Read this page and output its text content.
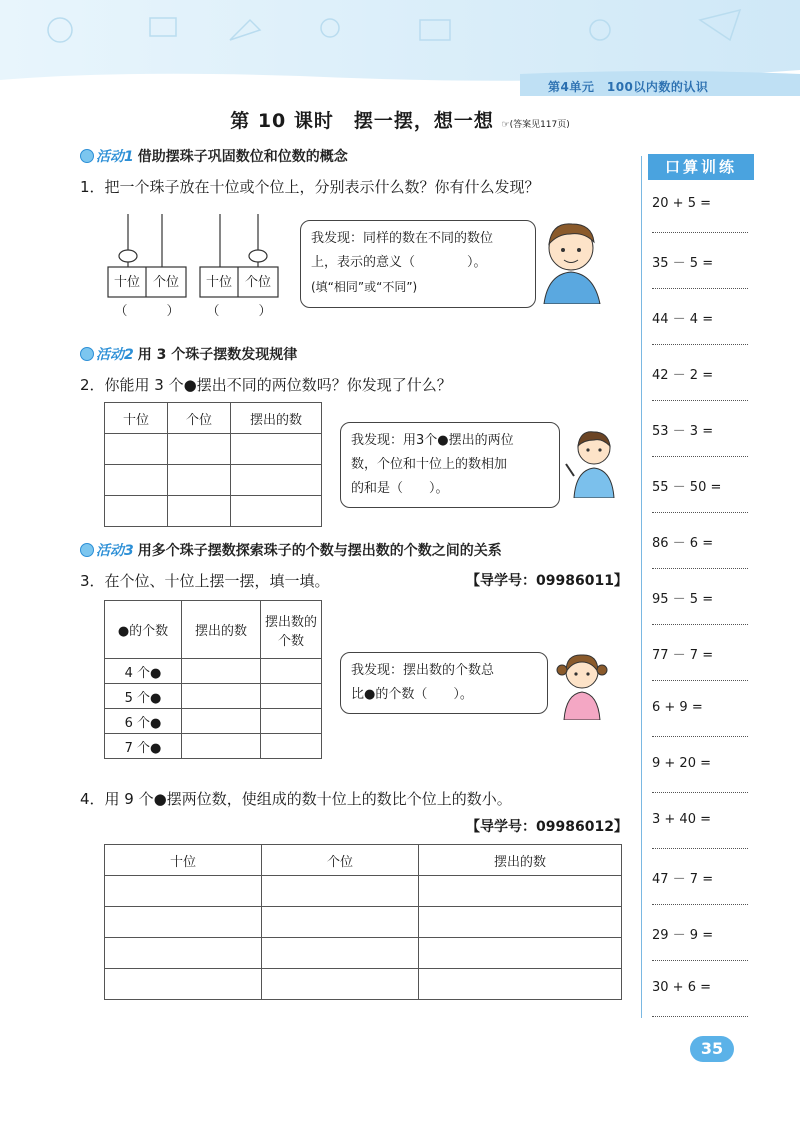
第4单元　100以内数的认识
第 10 课时　摆一摆，想一想 ☞(答案见117页)
活动1 借助摆珠子巩固数位和位数的概念
1．把一个珠子放在十位或个位上，分别表示什么数？你有什么发现？
十位 个位
（　　　）
十位 个位
（　　　）
我发现：同样的数在不同的数位
上，表示的意义（　　　　）。
(填“相同”或“不同”)
活动2 用 3 个珠子摆数发现规律
2．你能用 3 个●摆出不同的两位数吗？你发现了什么？
十位	个位	摆出的数

我发现：用3个●摆出的两位
数，个位和十位上的数相加
的和是（　　）。
活动3 用多个珠子摆数探索珠子的个数与摆出数的个数之间的关系
3．在个位、十位上摆一摆，填一填。	【导学号：09986011】
●的个数	摆出的数	摆出数的个数
4 个●		
5 个●		
6 个●		
7 个●		
我发现：摆出数的个数总
比●的个数（　　）。
4．用 9 个●摆两位数，使组成的数十位上的数比个位上的数小。
【导学号：09986012】
十位	个位	摆出的数

口算训练
20 + 5 =
35 － 5 =
44 － 4 =
42 － 2 =
53 － 3 =
55 － 50 =
86 － 6 =
95 － 5 =
77 － 7 =
6 + 9 =
9 + 20 =
3 + 40 =
47 － 7 =
29 － 9 =
30 + 6 =
35
